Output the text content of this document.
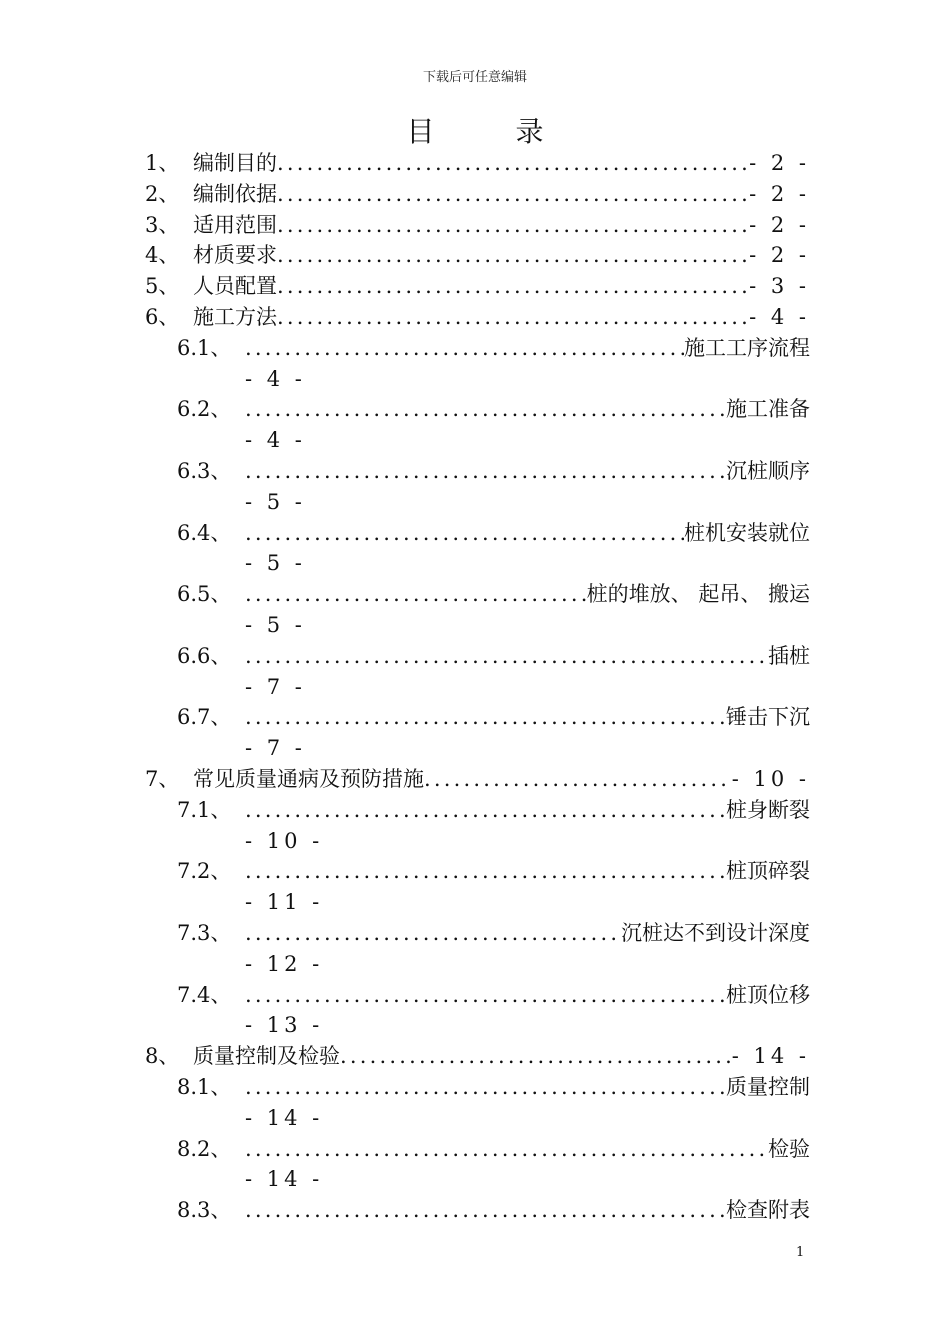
下载后可任意编辑
目 录
1、 编制目的 .....	- 2 -
2、 编制依据 .....	- 2 -
3、 适用范围 .....	- 2 -
4、 材质要求 .....	- 2 -
5、 人员配置 .....	- 3 -
6、 施工方法 .....	- 4 -
6.1、 .....	施工工序流程
- 4 -
6.2、 .....	施工准备
- 4 -
6.3、 .....	沉桩顺序
- 5 -
6.4、 .....	桩机安装就位
- 5 -
6.5、 .....	桩的堆放、 起吊、 搬运
- 5 -
6.6、 .....	插桩
- 7 -
6.7、 .....	锤击下沉
- 7 -
7、 常见质量通病及预防措施 .....	- 10 -
7.1、 .....	桩身断裂
- 10 -
7.2、 .....	桩顶碎裂
- 11 -
7.3、 .....	沉桩达不到设计深度
- 12 -
7.4、 .....	桩顶位移
- 13 -
8、 质量控制及检验 .....	- 14 -
8.1、 .....	质量控制
- 14 -
8.2、 .....	检验
- 14 -
8.3、 .....	检查附表
1
